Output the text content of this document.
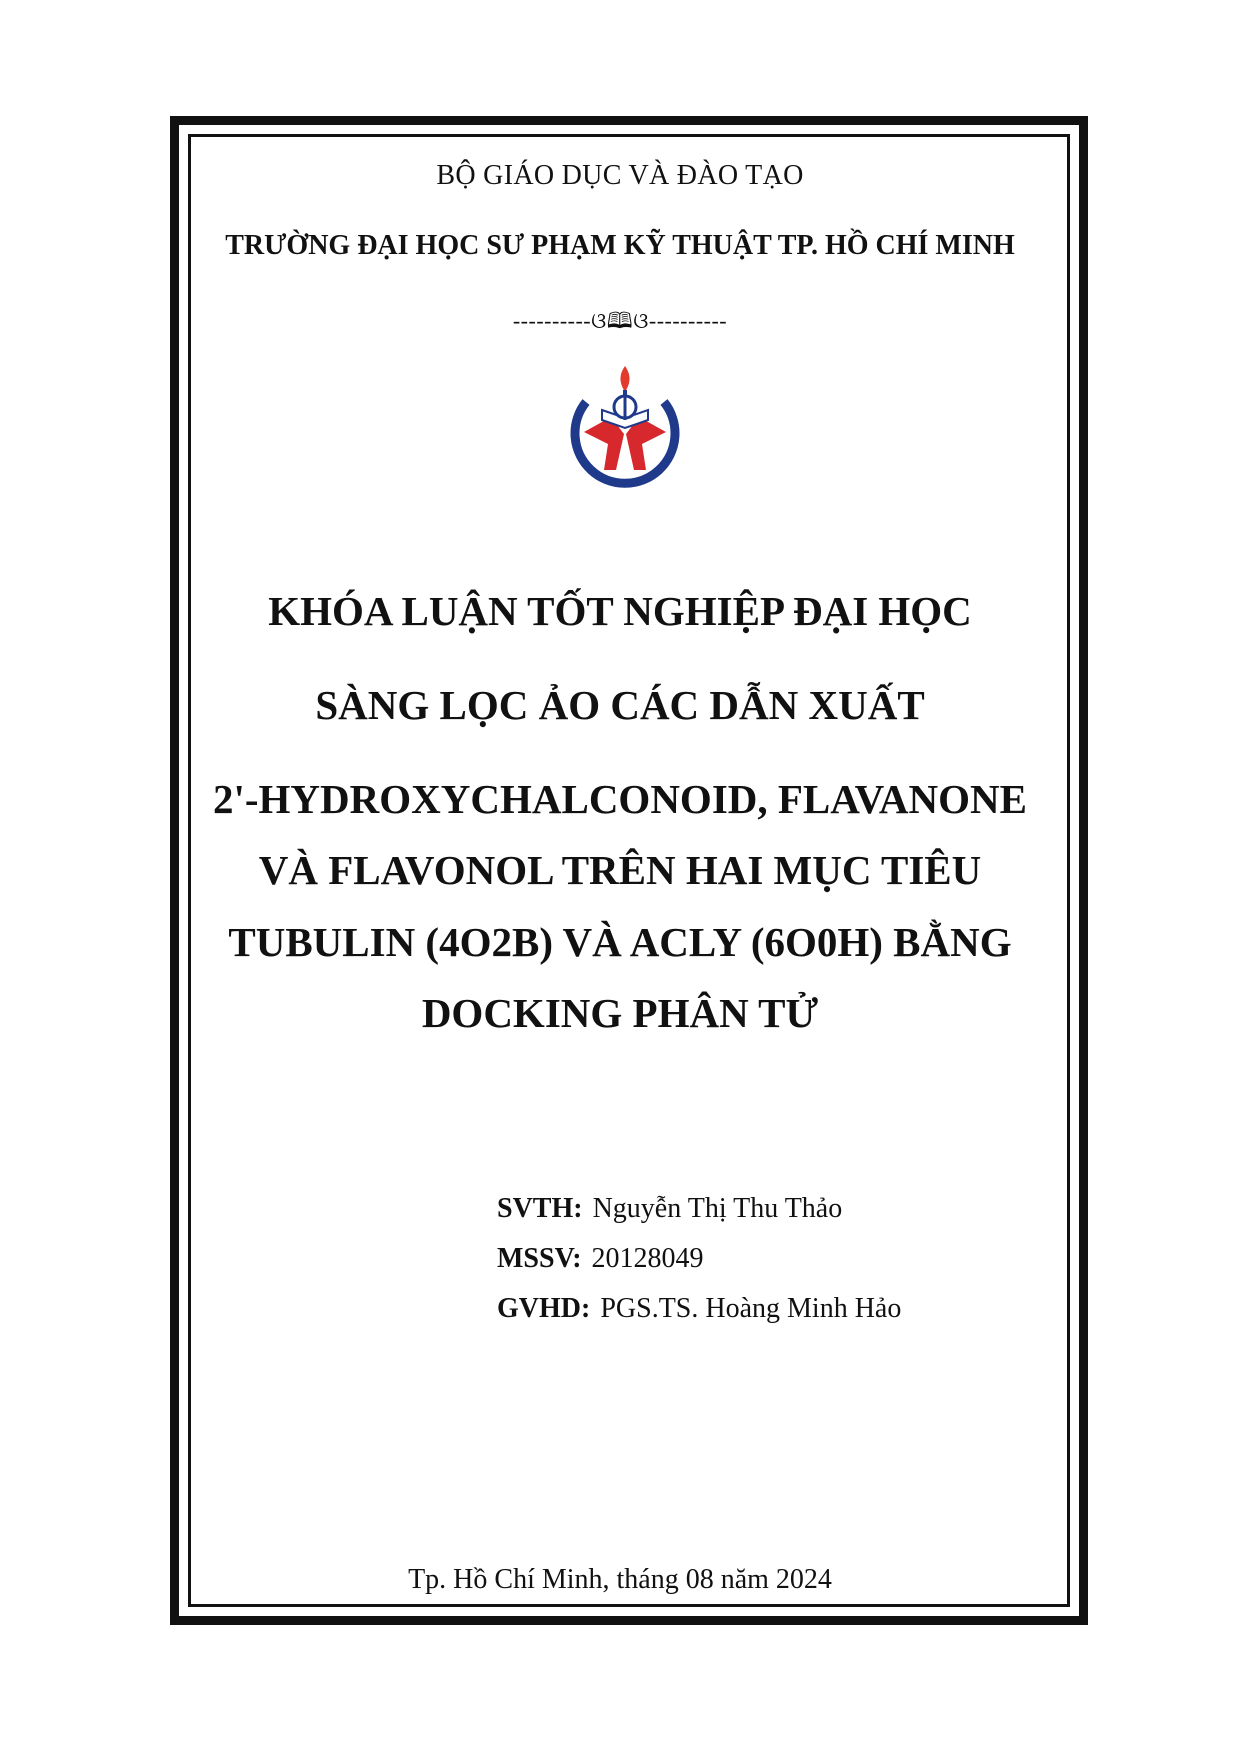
BỘ GIÁO DỤC VÀ ĐÀO TẠO
TRƯỜNG ĐẠI HỌC SƯ PHẠM KỸ THUẬT TP. HỒ CHÍ MINH
----------ଓ🕮ଓ----------
KHÓA LUẬN TỐT NGHIỆP ĐẠI HỌC
SÀNG LỌC ẢO CÁC DẪN XUẤT
2'-HYDROXYCHALCONOID, FLAVANONE
VÀ FLAVONOL TRÊN HAI MỤC TIÊU
TUBULIN (4O2B) VÀ ACLY (6O0H) BẰNG
DOCKING PHÂN TỬ
SVTH: Nguyễn Thị Thu Thảo
MSSV: 20128049
GVHD: PGS.TS. Hoàng Minh Hảo
Tp. Hồ Chí Minh, tháng 08 năm 2024
